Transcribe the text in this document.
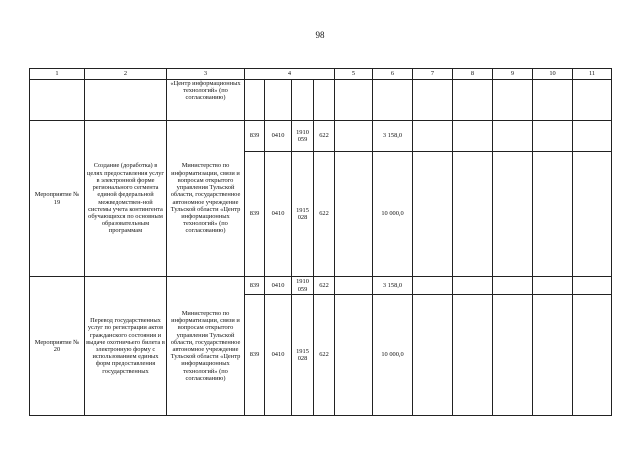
98
1	2	3	4				5	6	7	8	9	10	11	
		«Центр информационных технологий» (по согласованию)												
Мероприятие № 19	Создание (доработка) в целях предоставления услуг в электронной форме регионального сегмента единой федеральной межведомствен-ной системы учета контингента обучающихся по основным образовательным программам	Министерство по информатизации, связи и вопросам открытого управления Тульской области, государственное автономное учреждение Тульской области «Центр информационных технологий» (по согласованию)	839	0410	1910 059	622		3 158,0						
			839	0410	1915 028	622		10 000,0						
Мероприятие № 20	Перевод государственных услуг по регистрации актов гражданского состояния и выдаче охотничьего билета в электронную форму с использованием единых форм предоставления государственных	Министерство по информатизации, связи и вопросам открытого управления Тульской области, государственное автономное учреждение Тульской области «Центр информационных технологий» (по согласованию)	839	0410	1910 059	622		3 158,0						
			839	0410	1915 028	622		10 000,0						
